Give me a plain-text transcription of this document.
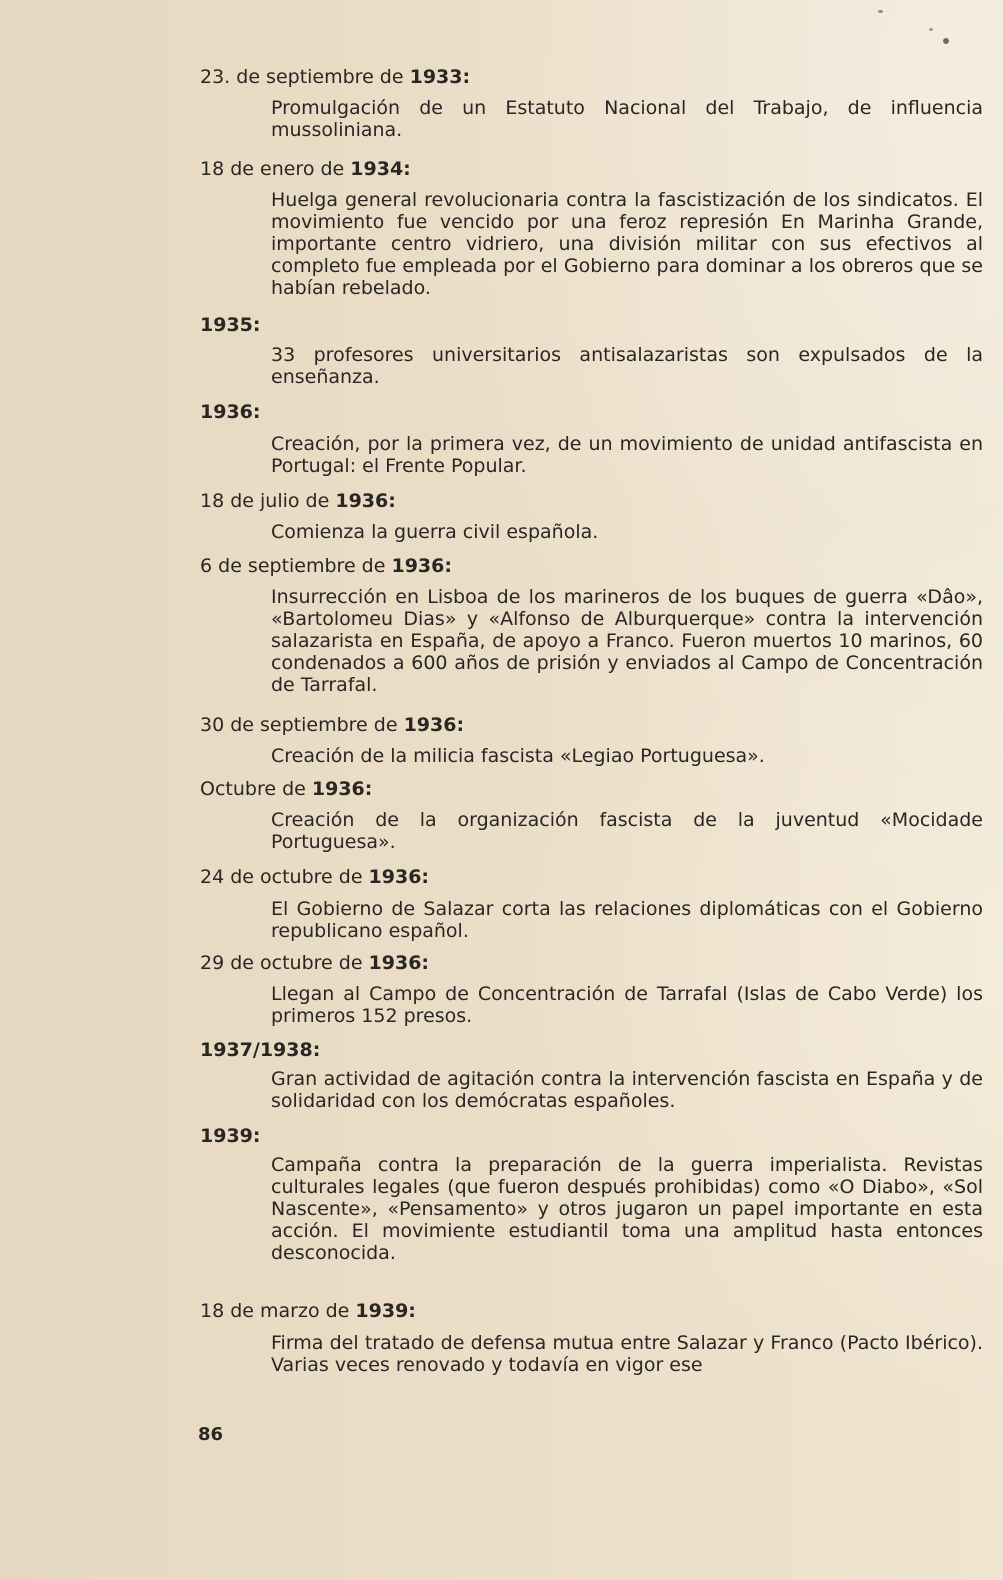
23. de septiembre de 1933:
Promulgación de un Estatuto Nacional del Trabajo, de influencia mussoliniana.
18 de enero de 1934:
Huelga general revolucionaria contra la fascistización de los sindicatos. El movimiento fue vencido por una feroz represión En Marinha Grande, importante centro vidriero, una división militar con sus efectivos al completo fue empleada por el Gobierno para dominar a los obreros que se habían rebelado.
1935:
33 profesores universitarios antisalazaristas son expulsados de la enseñanza.
1936:
Creación, por la primera vez, de un movimiento de unidad antifascista en Portugal: el Frente Popular.
18 de julio de 1936:
Comienza la guerra civil española.
6 de septiembre de 1936:
Insurrección en Lisboa de los marineros de los buques de guerra «Dâo», «Bartolomeu Dias» y «Alfonso de Alburquerque» contra la intervención salazarista en España, de apoyo a Franco. Fueron muertos 10 marinos, 60 condenados a 600 años de prisión y enviados al Campo de Concentración de Tarrafal.
30 de septiembre de 1936:
Creación de la milicia fascista «Legiao Portuguesa».
Octubre de 1936:
Creación de la organización fascista de la juventud «Mocidade Portuguesa».
24 de octubre de 1936:
El Gobierno de Salazar corta las relaciones diplomáticas con el Gobierno republicano español.
29 de octubre de 1936:
Llegan al Campo de Concentración de Tarrafal (Islas de Cabo Verde) los primeros 152 presos.
1937/1938:
Gran actividad de agitación contra la intervención fascista en España y de solidaridad con los demócratas españoles.
1939:
Campaña contra la preparación de la guerra imperialista. Revistas culturales legales (que fueron después prohibidas) como «O Diabo», «Sol Nascente», «Pensamento» y otros jugaron un papel importante en esta acción. El movimiente estudiantil toma una amplitud hasta entonces desconocida.
18 de marzo de 1939:
Firma del tratado de defensa mutua entre Salazar y Franco (Pacto Ibérico). Varias veces renovado y todavía en vigor ese
86
